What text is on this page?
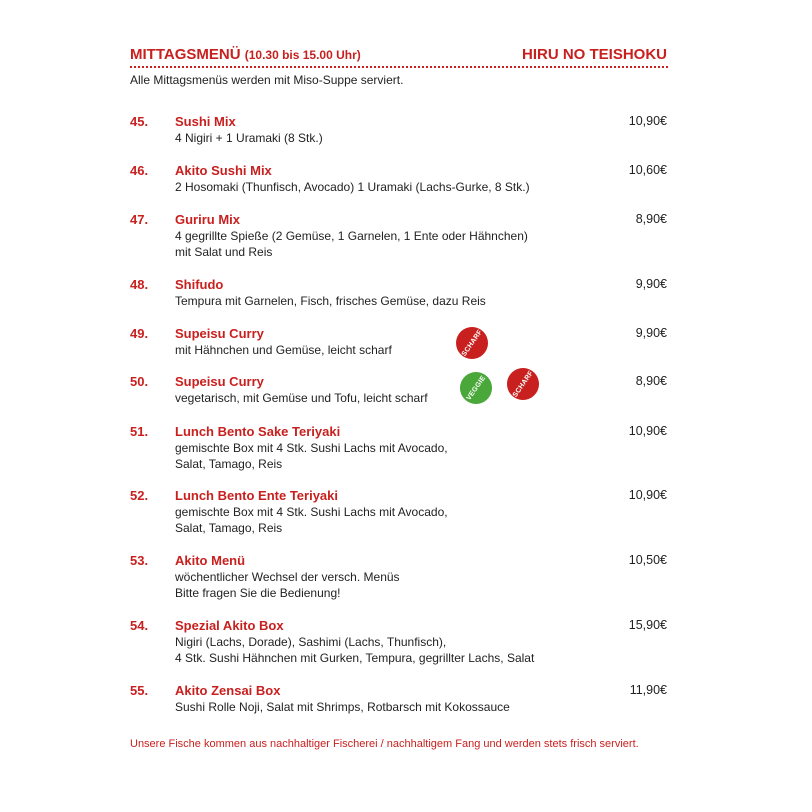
MITTAGSMENÜ (10.30 bis 15.00 Uhr)	HIRU NO TEISHOKU
Alle Mittagsmenüs werden mit Miso-Suppe serviert.
45. Sushi Mix
4 Nigiri + 1 Uramaki (8 Stk.)
10,90€
46. Akito Sushi Mix
2 Hosomaki (Thunfisch, Avocado) 1 Uramaki (Lachs-Gurke, 8 Stk.)
10,60€
47. Guriru Mix
4 gegrillte Spieße (2 Gemüse, 1 Garnelen, 1 Ente oder Hähnchen)
mit Salat und Reis
8,90€
48. Shifudo
Tempura mit Garnelen, Fisch, frisches Gemüse, dazu Reis
9,90€
49. Supeisu Curry
mit Hähnchen und Gemüse, leicht scharf
9,90€
50. Supeisu Curry
vegetarisch, mit Gemüse und Tofu, leicht scharf
8,90€
51. Lunch Bento Sake Teriyaki
gemischte Box mit 4 Stk. Sushi Lachs mit Avocado,
Salat, Tamago, Reis
10,90€
52. Lunch Bento Ente Teriyaki
gemischte Box mit 4 Stk. Sushi Lachs mit Avocado,
Salat, Tamago, Reis
10,90€
53. Akito Menü
wöchentlicher Wechsel der versch. Menüs
Bitte fragen Sie die Bedienung!
10,50€
54. Spezial Akito Box
Nigiri (Lachs, Dorade), Sashimi (Lachs, Thunfisch),
4 Stk. Sushi Hähnchen mit Gurken, Tempura, gegrillter Lachs, Salat
15,90€
55. Akito Zensai Box
Sushi Rolle Noji, Salat mit Shrimps, Rotbarsch mit Kokossauce
11,90€
Unsere Fische kommen aus nachhaltiger Fischerei / nachhaltigem Fang und werden stets frisch serviert.
SCHARF
VEGGIE	SCHARF
